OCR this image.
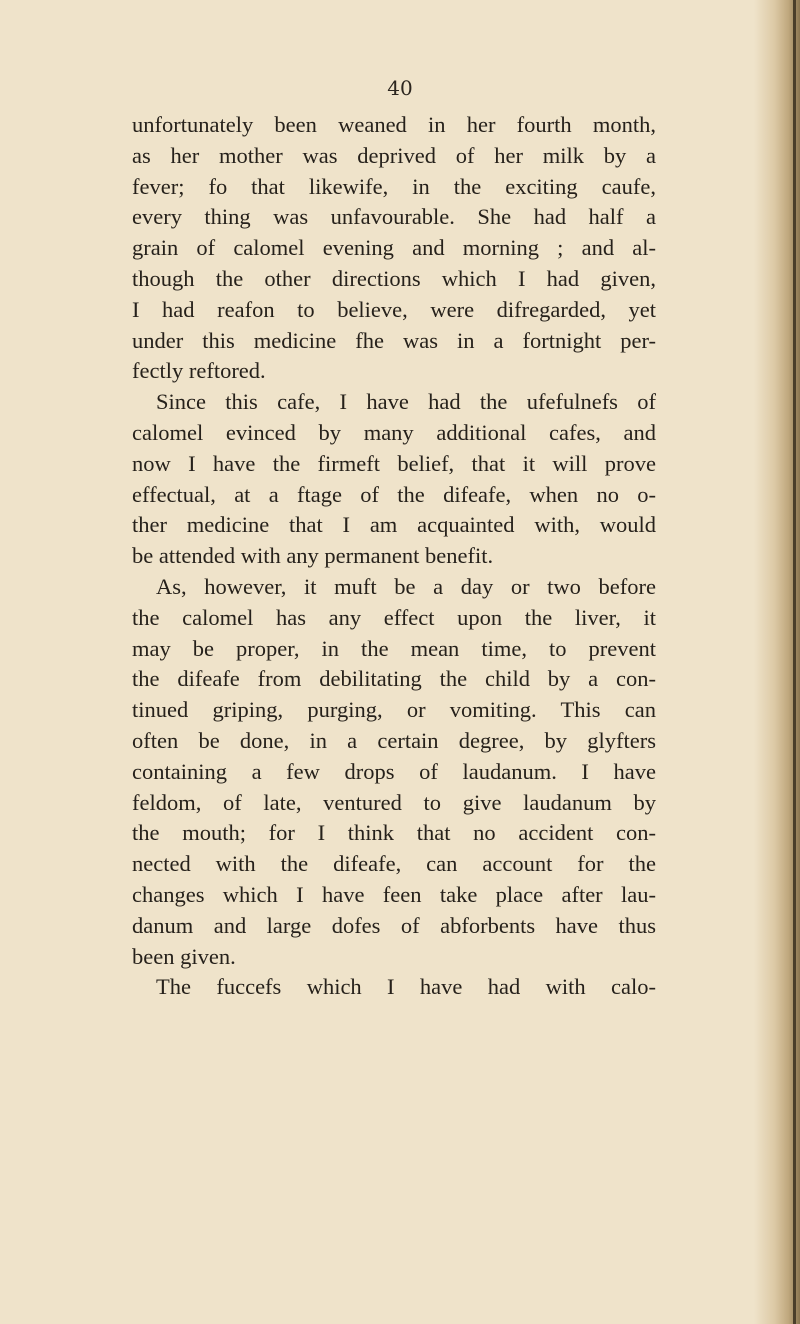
40
unfortunately been weaned in her fourth month,
as her mother was deprived of her milk by a
fever; fo that likewife, in the exciting caufe,
every thing was unfavourable. She had half a
grain of calomel evening and morning ; and al-
though the other directions which I had given,
I had reafon to believe, were difregarded, yet
under this medicine fhe was in a fortnight per-
fectly reftored.
Since this cafe, I have had the ufefulnefs of
calomel evinced by many additional cafes, and
now I have the firmeft belief, that it will prove
effectual, at a ftage of the difeafe, when no o-
ther medicine that I am acquainted with, would
be attended with any permanent benefit.
As, however, it muft be a day or two before
the calomel has any effect upon the liver, it
may be proper, in the mean time, to prevent
the difeafe from debilitating the child by a con-
tinued griping, purging, or vomiting. This can
often be done, in a certain degree, by glyfters
containing a few drops of laudanum. I have
feldom, of late, ventured to give laudanum by
the mouth; for I think that no accident con-
nected with the difeafe, can account for the
changes which I have feen take place after lau-
danum and large dofes of abforbents have thus
been given.
The fuccefs which I have had with calo-
